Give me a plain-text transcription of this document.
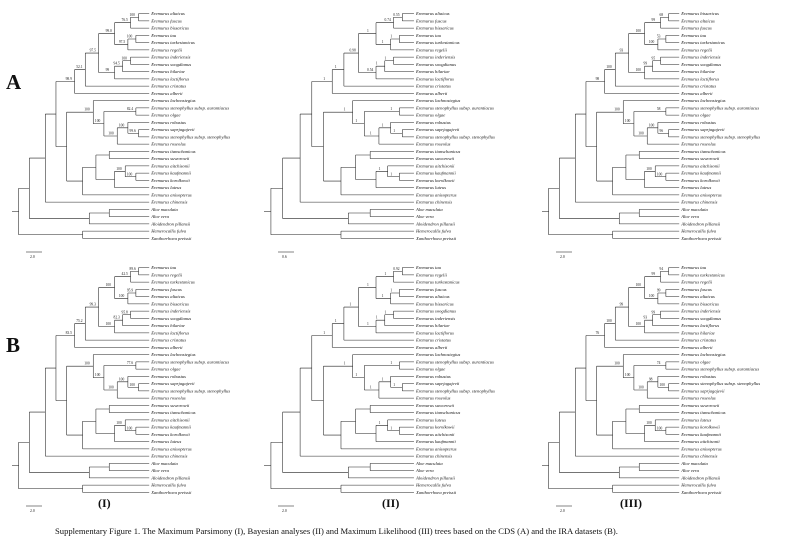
A
B
Eremurus altaicus
Eremurus fuscus
Eremurus bissaricus
Eremurus tau
Eremurus turkestanicus
Eremurus regelii
Eremurus inderiensis
Eremurus soogdianus
Eremurus hilariae
Eremurus lactiflorus
Eremurus cristatus
Eremurus alberti
Eremurus lachnostegius
Eremurus stenophyllus subsp. aurantiacus
Eremurus olgae
Eremurus robustus
Eremurus saprjagajevii
Eremurus stenophyllus subsp. stenophyllus
Eremurus roseolus
Eremurus tianschanicus
Eremurus suworowii
Eremurus aitchisonii
Eremurus kaufmannii
Eremurus korolkowii
Eremurus luteus
Eremurus anisopterus
Eremurus chinensis
Aloe maculata
Aloe vera
Aloidendron pillansii
Hemerocallis fulva
Xanthorrhoea preissii
100
76.5
100
97.5
99.0
100
94.5
99
97.5
52.1
98.9
82.4
99.6
100
100
100
100
100
100
2.0
Eremurus altaicus
Eremurus fuscus
Eremurus bissaricus
Eremurus tau
Eremurus turkestanicus
Eremurus regelii
Eremurus inderiensis
Eremurus soogdianus
Eremurus hilariae
Eremurus lactiflorus
Eremurus cristatus
Eremurus alberti
Eremurus lachnostegius
Eremurus stenophyllus subsp. aurantiacus
Eremurus olgae
Eremurus robustus
Eremurus saprjagajevii
Eremurus stenophyllus subsp. stenophyllus
Eremurus roseolus
Eremurus tianschanicus
Eremurus suworowii
Eremurus aitchisonii
Eremurus kaufmannii
Eremurus korolkowii
Eremurus luteus
Eremurus anisopterus
Eremurus chinensis
Aloe maculata
Aloe vera
Aloidendron pillansii
Hemerocallis fulva
Xanthorrhoea preissii
0.55
0.74
1
1
1
1
1
0.54
0.98
1
1
1
1
1
1
1
1
1
1
0.6
Eremurus bissaricus
Eremurus altaicus
Eremurus fuscus
Eremurus tau
Eremurus turkestanicus
Eremurus regelii
Eremurus inderiensis
Eremurus soogdianus
Eremurus hilariae
Eremurus lactiflorus
Eremurus cristatus
Eremurus alberti
Eremurus lachnostegius
Eremurus stenophyllus subsp. aurantiacus
Eremurus olgae
Eremurus robustus
Eremurus saprjagajevii
Eremurus stenophyllus subsp. stenophyllus
Eremurus roseolus
Eremurus tianschanicus
Eremurus suworowii
Eremurus aitchisonii
Eremurus kaufmannii
Eremurus korolkowii
Eremurus luteus
Eremurus anisopterus
Eremurus chinensis
Aloe maculata
Aloe vera
Aloidendron pillansii
Hemerocallis fulva
Xanthorrhoea preissii
68
99
53
100
100
95
99
100
93
100
98
58
96
100
100
100
100
100
100
2.0
Eremurus tau
Eremurus regelii
Eremurus turkestanicus
Eremurus fuscus
Eremurus altaicus
Eremurus bissaricus
Eremurus inderiensis
Eremurus soogdianus
Eremurus hilariae
Eremurus lactiflorus
Eremurus cristatus
Eremurus alberti
Eremurus lachnostegius
Eremurus stenophyllus subsp. aurantiacus
Eremurus olgae
Eremurus robustus
Eremurus saprjagajevii
Eremurus stenophyllus subsp. stenophyllus
Eremurus roseolus
Eremurus suworowii
Eremurus tianschanicus
Eremurus aitchisonii
Eremurus kaufmannii
Eremurus korolkowii
Eremurus luteus
Eremurus anisopterus
Eremurus chinensis
Aloe maculata
Aloe vera
Aloidendron pillansii
Hemerocallis fulva
Xanthorrhoea preissii
89.6
42.5
95.9
100
100
95.8
82.3
100
99.3
75.2
83.5
77.6
100
100
100
100
100
100
100
2.0
Eremurus tau
Eremurus regelii
Eremurus turkestanicus
Eremurus fuscus
Eremurus altaicus
Eremurus bissaricus
Eremurus soogdianus
Eremurus inderiensis
Eremurus hilariae
Eremurus lactiflorus
Eremurus cristatus
Eremurus alberti
Eremurus lachnostegius
Eremurus stenophyllus subsp. aurantiacus
Eremurus olgae
Eremurus robustus
Eremurus saprjagajevii
Eremurus stenophyllus subsp. stenophyllus
Eremurus roseolus
Eremurus suworowii
Eremurus tianschanicus
Eremurus luteus
Eremurus korolkowii
Eremurus aitchisonii
Eremurus kaufmannii
Eremurus anisopterus
Eremurus chinensis
Aloe maculata
Aloe vera
Aloidendron pillansii
Hemerocallis fulva
Xanthorrhoea preissii
0.92
1
1
1
1
1
1
1
1
1
1
1
1
1
1
1
1
1
1
2.0
Eremurus tau
Eremurus turkestanicus
Eremurus regelii
Eremurus fuscus
Eremurus altaicus
Eremurus bissaricus
Eremurus inderiensis
Eremurus soogdianus
Eremurus lactiflorus
Eremurus hilariae
Eremurus cristatus
Eremurus alberti
Eremurus lachnostegius
Eremurus olgae
Eremurus stenophyllus subsp. aurantiacus
Eremurus robustus
Eremurus stenophyllus subsp. stenophyllus
Eremurus saprjagajevii
Eremurus roseolus
Eremurus suworowii
Eremurus tianschanicus
Eremurus luteus
Eremurus korolkowii
Eremurus kaufmannii
Eremurus aitchisonii
Eremurus anisopterus
Eremurus chinensis
Aloe maculata
Aloe vera
Aloidendron pillansii
Hemerocallis fulva
Xanthorrhoea preissii
94
99
99
100
100
99
93
100
99
100
76
74
100
98
100
100
100
100
100
2.0
(I)	(II)	(III)
Supplementary Figure 1. The Maximum Parsimony (I), Bayesian analyses (II) and Maximum Likelihood (III) trees based on the CDS (A) and the IRA datasets (B).
